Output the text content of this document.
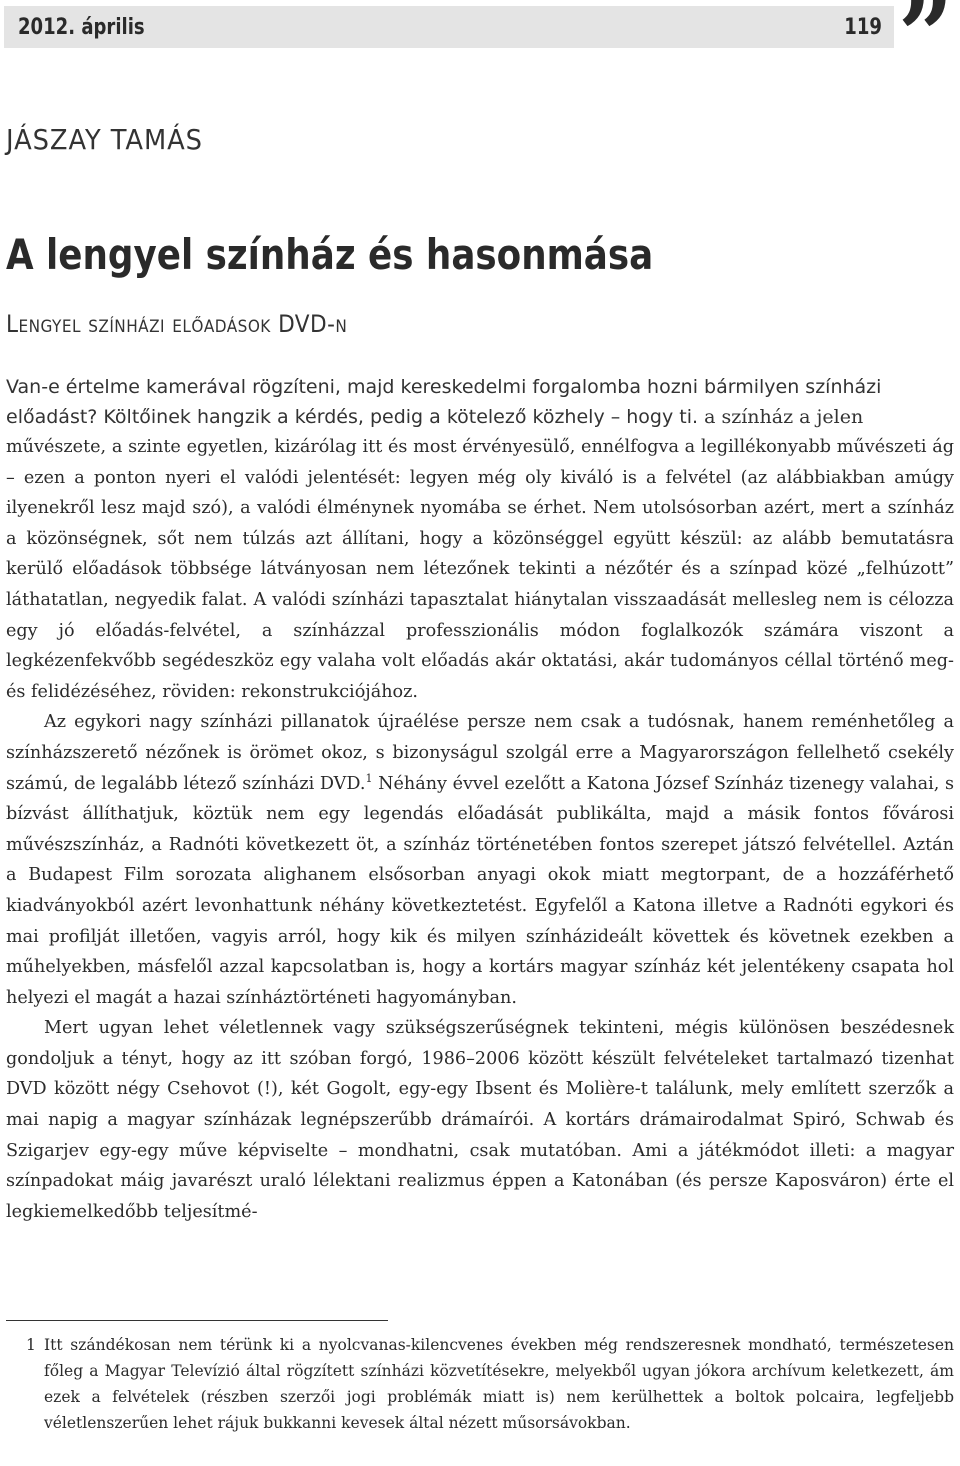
2012. április	119 ”
JÁSZAY TAMÁS
A lengyel színház és hasonmása
Lengyel színházi előadások DVD-n

Van-e értelme kamerával rögzíteni, majd kereskedelmi forgalomba hozni bármilyen színházi előadást? Költőinek hangzik a kérdés, pedig a kötelező közhely – hogy ti. a színház a jelen

művészete, a szinte egyetlen, kizárólag itt és most érvényesülő, ennélfogva a legillékonyabb művészeti ág – ezen a ponton nyeri el valódi jelentését: legyen még oly kiváló is a felvétel (az alábbiakban amúgy ilyenekről lesz majd szó), a valódi élménynek nyomába se érhet. Nem utolsósorban azért, mert a színház a közönségnek, sőt nem túlzás azt állítani, hogy a közönséggel együtt készül: az alább bemutatásra kerülő előadások többsége látványosan nem létezőnek tekinti a nézőtér és a színpad közé „felhúzott” láthatatlan, negyedik falat. A valódi színházi tapasztalat hiánytalan visszaadását mellesleg nem is célozza egy jó előadás-felvétel, a színházzal professzionális módon foglalkozók számára viszont a legkézenfekvőbb segédeszköz egy valaha volt előadás akár oktatási, akár tudományos céllal történő meg- és felidézéséhez, röviden: rekonstrukciójához.

Az egykori nagy színházi pillanatok újraélése persze nem csak a tudósnak, hanem reménhetőleg a színházszerető nézőnek is örömet okoz, s bizonyságul szolgál erre a Magyarországon fellelhető csekély számú, de legalább létező színházi DVD.$^1$ Néhány évvel ezelőtt a Katona József Színház tizenegy valahai, s bízvást állíthatjuk, köztük nem egy legendás előadását publikálta, majd a másik fontos fővárosi művészszínház, a Radnóti következett öt, a színház történetében fontos szerepet játszó felvétellel. Aztán a Budapest Film sorozata alighanem elsősorban anyagi okok miatt megtorpant, de a hozzáférhető kiadványokból azért levonhattunk néhány következtetést. Egyfelől a Katona illetve a Radnóti egykori és mai profilját illetően, vagyis arról, hogy kik és milyen színházideált követtek és követnek ezekben a műhelyekben, másfelől azzal kapcsolatban is, hogy a kortárs magyar színház két jelentékeny csapata hol helyezi el magát a hazai színháztörténeti hagyományban.

Mert ugyan lehet véletlennek vagy szükségszerűségnek tekinteni, mégis különösen beszédesnek gondoljuk a tényt, hogy az itt szóban forgó, 1986–2006 között készült felvételeket tartalmazó tizenhat DVD között négy Csehovot (!), két Gogolt, egy-egy Ibsent és Molière-t találunk, mely említett szerzők a mai napig a magyar színházak legnépszerűbb drámaírói. A kortárs drámairodalmat Spiró, Schwab és Szigarjev egy-egy műve képviselte – mondhatni, csak mutatóban. Ami a játékmódot illeti: a magyar színpadokat máig javarészt uraló lélektani realizmus éppen a Katonában (és persze Kaposváron) érte el legkiemelkedőbb teljesítmé-

1 Itt szándékosan nem térünk ki a nyolcvanas-kilencvenes években még rendszeresnek mondható, természetesen főleg a Magyar Televízió által rögzített színházi közvetítésekre, melyekből ugyan jókora archívum keletkezett, ám ezek a felvételek (részben szerzői jogi problémák miatt is) nem kerülhettek a boltok polcaira, legfeljebb véletlenszerűen lehet rájuk bukkanni kevesek által nézett műsorsávokban.
